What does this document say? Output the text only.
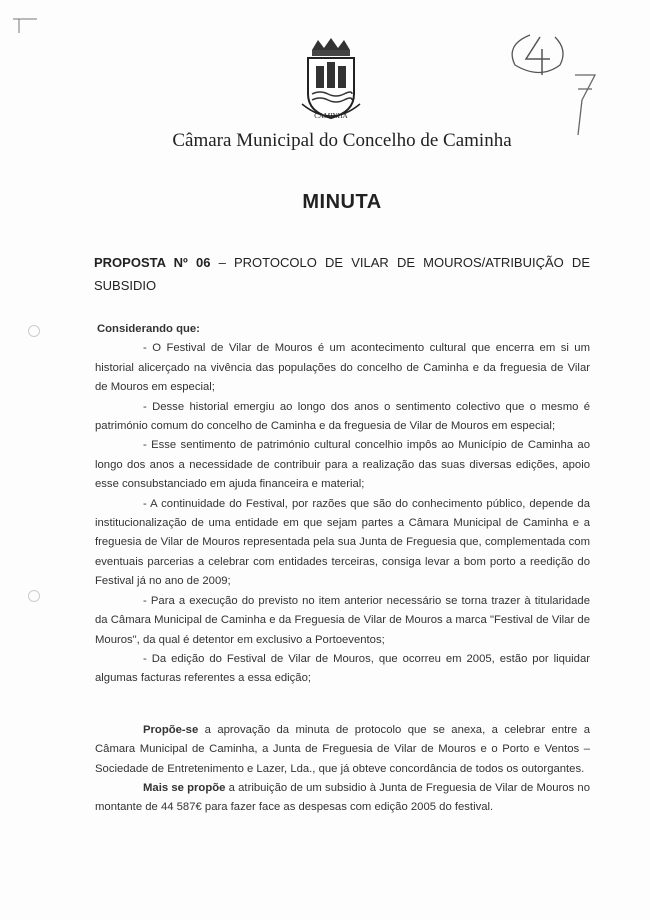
CAMINHA
Câmara Municipal do Concelho de Caminha
MINUTA
PROPOSTA Nº 06 – PROTOCOLO DE VILAR DE MOUROS/ATRIBUIÇÃO DE SUBSIDIO

Considerando que:

- O Festival de Vilar de Mouros é um acontecimento cultural que encerra em si um historial alicerçado na vivência das populações do concelho de Caminha e da freguesia de Vilar de Mouros em especial;

- Desse historial emergiu ao longo dos anos o sentimento colectivo que o mesmo é património comum do concelho de Caminha e da freguesia de Vilar de Mouros em especial;

- Esse sentimento de património cultural concelhio impôs ao Município de Caminha ao longo dos anos a necessidade de contribuir para a realização das suas diversas edições, apoio esse consubstanciado em ajuda financeira e material;

- A continuidade do Festival, por razões que são do conhecimento público, depende da institucionalização de uma entidade em que sejam partes a Câmara Municipal de Caminha e a freguesia de Vilar de Mouros representada pela sua Junta de Freguesia que, complementada com eventuais parcerias a celebrar com entidades terceiras, consiga levar a bom porto a reedição do Festival já no ano de 2009;

- Para a execução do previsto no item anterior necessário se torna trazer à titularidade da Câmara Municipal de Caminha e da Freguesia de Vilar de Mouros a marca "Festival de Vilar de Mouros", da qual é detentor em exclusivo a Portoeventos;

- Da edição do Festival de Vilar de Mouros, que ocorreu em 2005, estão por liquidar algumas facturas referentes a essa edição;

Propõe-se a aprovação da minuta de protocolo que se anexa, a celebrar entre a Câmara Municipal de Caminha, a Junta de Freguesia de Vilar de Mouros e o Porto e Ventos – Sociedade de Entretenimento e Lazer, Lda., que já obteve concordância de todos os outorgantes.

Mais se propõe a atribuição de um subsidio à Junta de Freguesia de Vilar de Mouros no montante de 44 587€ para fazer face as despesas com edição 2005 do festival.
